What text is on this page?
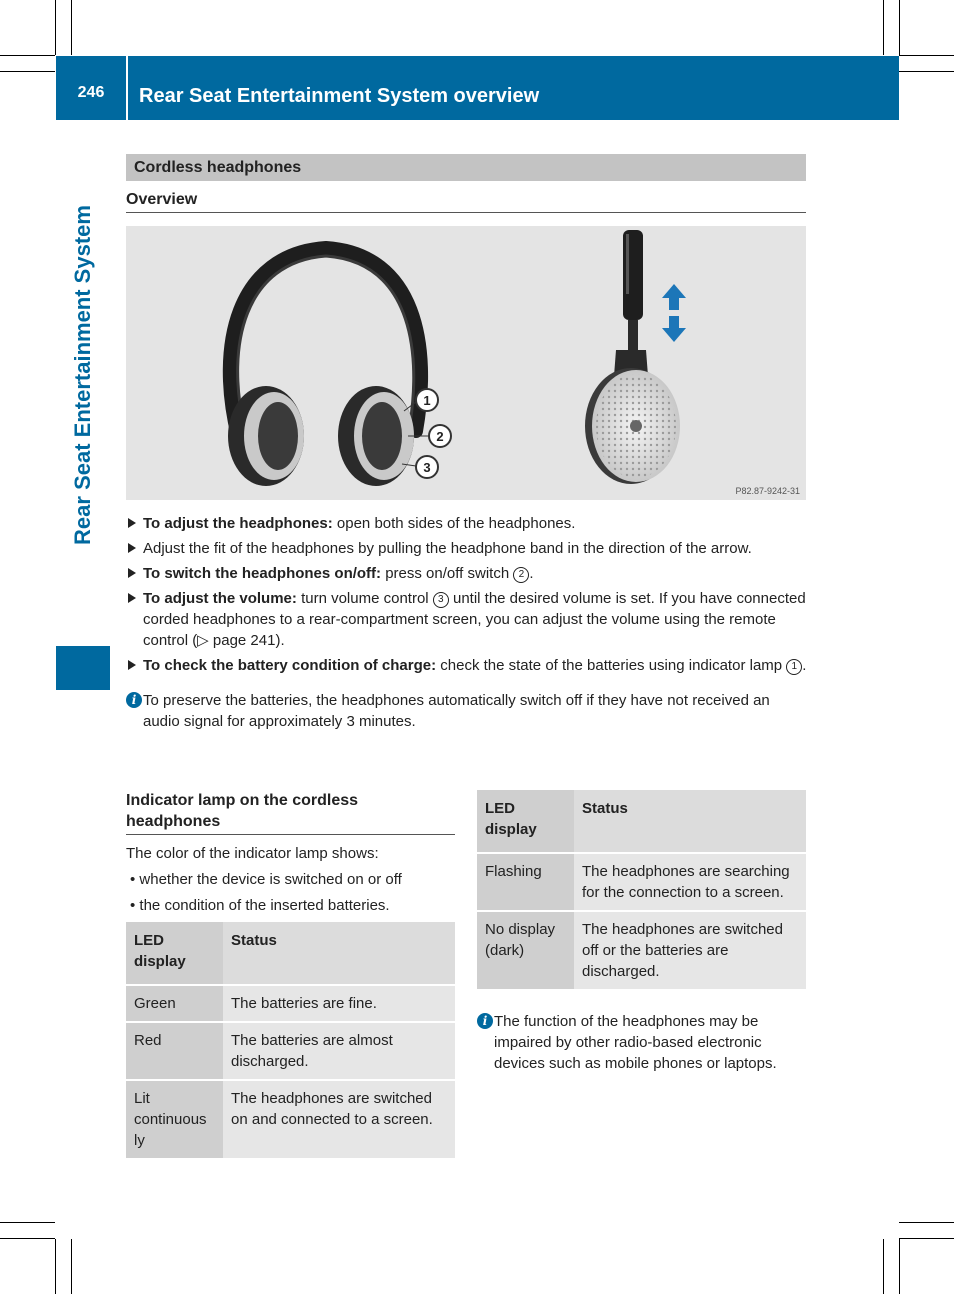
246	Rear Seat Entertainment System overview
Rear Seat Entertainment System
Cordless headphones
Overview
1
2
3
P82.87-9242-31
To adjust the headphones: open both sides of the headphones.
Adjust the fit of the headphones by pulling the headphone band in the direction of the arrow.
To switch the headphones on/off: press on/off switch 2 .
To adjust the volume: turn volume control 3 until the desired volume is set. If you have connected corded headphones to a rear-compartment screen, you can adjust the volume using the remote control (▷ page 241).
To check the battery condition of charge: check the state of the batteries using indicator lamp 1 .
i To preserve the batteries, the headphones automatically switch off if they have not received an audio signal for approximately 3 minutes.
Indicator lamp on the cordless headphones
The color of the indicator lamp shows:
• whether the device is switched on or off
• the condition of the inserted batteries.
LED display	Status
Green	The batteries are fine.
Red	The batteries are almost discharged.
Lit continuous ly	The headphones are switched on and connected to a screen.
LED display	Status
Flashing	The headphones are searching for the connection to a screen.
No display (dark)	The headphones are switched off or the batteries are discharged.
i The function of the headphones may be impaired by other radio-based electronic devices such as mobile phones or laptops.
